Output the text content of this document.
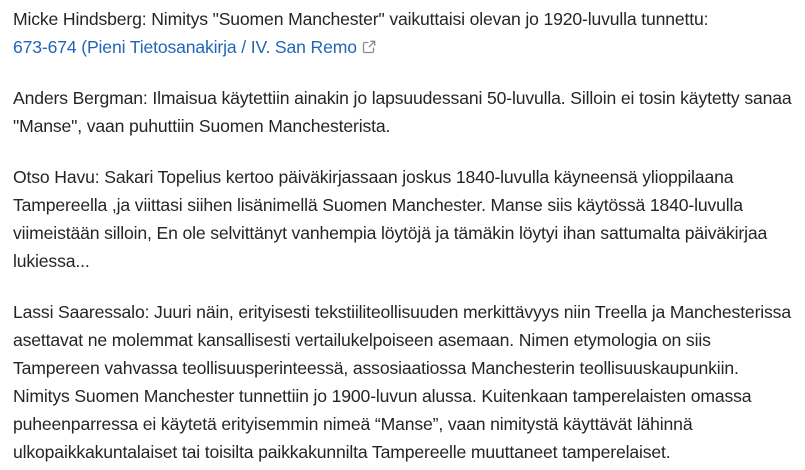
Micke Hindsberg: Nimitys "Suomen Manchester" vaikuttaisi olevan jo 1920-luvulla tunnettu:
673-674 (Pieni Tietosanakirja / IV. San Remo

Anders Bergman: Ilmaisua käytettiin ainakin jo lapsuudessani 50-luvulla. Silloin ei tosin käytetty sanaa "Manse", vaan puhuttiin Suomen Manchesterista.

Otso Havu: Sakari Topelius kertoo päiväkirjassaan joskus 1840-luvulla käyneensä ylioppilaana Tampereella ,ja viittasi siihen lisänimellä Suomen Manchester. Manse siis käytössä 1840-luvulla viimeistään silloin, En ole selvittänyt vanhempia löytöjä ja tämäkin löytyi ihan sattumalta päiväkirjaa lukiessa...

Lassi Saaressalo: Juuri näin, erityisesti tekstiiliteollisuuden merkittävyys niin Treella ja Manchesterissa asettavat ne molemmat kansallisesti vertailukelpoiseen asemaan. Nimen etymologia on siis Tampereen vahvassa teollisuusperinteessä, assosiaatiossa Manchesterin teollisuuskaupunkiin. Nimitys Suomen Manchester tunnettiin jo 1900-luvun alussa. Kuitenkaan tamperelaisten omassa puheenparressa ei käytetä erityisemmin nimeä “Manse”, vaan nimitystä käyttävät lähinnä ulkopaikkakuntalaiset tai toisilta paikkakunnilta Tampereelle muuttaneet tamperelaiset.
